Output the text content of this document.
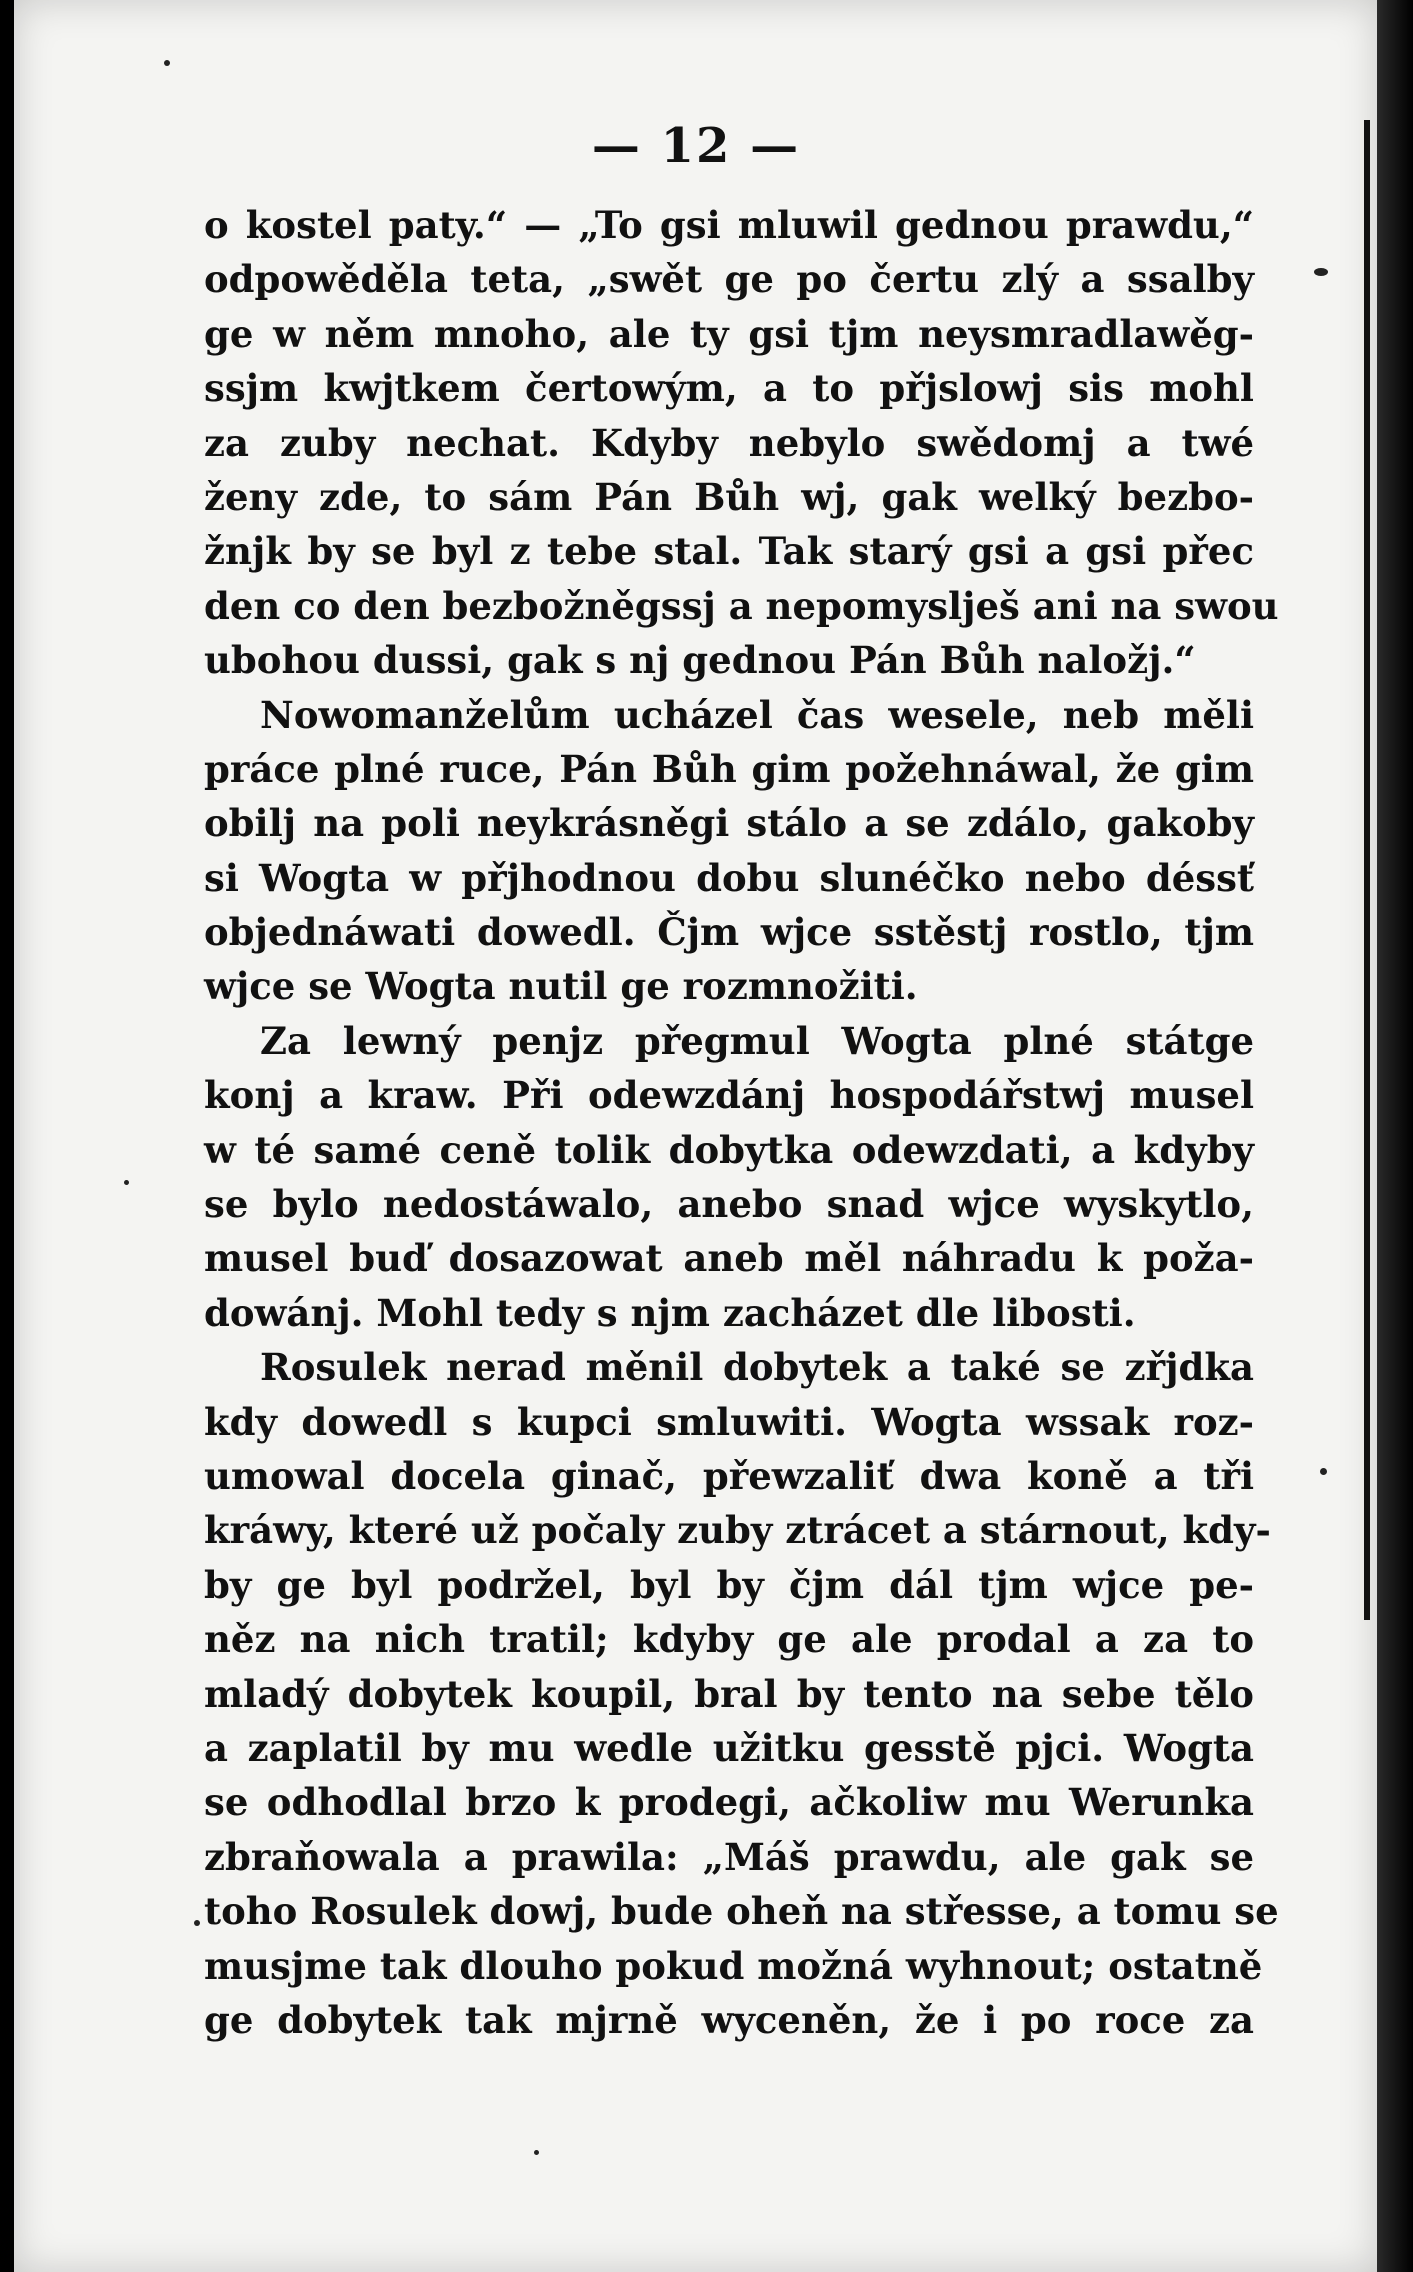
— 12 —
o kostel paty.“ — „To gsi mluwil gednou prawdu,“
odpowěděla teta, „swět ge po čertu zlý a ssalby
ge w něm mnoho, ale ty gsi tjm neysmradlawěg-
ssjm kwjtkem čertowým, a to přjslowj sis mohl
za zuby nechat. Kdyby nebylo swědomj a twé
ženy zde, to sám Pán Bůh wj, gak welký bezbo-
žnjk by se byl z tebe stal. Tak starý gsi a gsi přec
den co den bezbožněgssj a nepomyslješ ani na swou
ubohou dussi, gak s nj gednou Pán Bůh naložj.“
Nowomanželům ucházel čas wesele, neb měli
práce plné ruce, Pán Bůh gim požehnáwal, že gim
obilj na poli neykrásněgi stálo a se zdálo, gakoby
si Wogta w přjhodnou dobu slunéčko nebo déssť
objednáwati dowedl. Čjm wjce sstěstj rostlo, tjm
wjce se Wogta nutil ge rozmnožiti.
Za lewný penjz přegmul Wogta plné státge
konj a kraw. Při odewzdánj hospodářstwj musel
w té samé ceně tolik dobytka odewzdati, a kdyby
se bylo nedostáwalo, anebo snad wjce wyskytlo,
musel buď dosazowat aneb měl náhradu k poža-
dowánj. Mohl tedy s njm zacházet dle libosti.
Rosulek nerad měnil dobytek a také se zřjdka
kdy dowedl s kupci smluwiti. Wogta wssak roz-
umowal docela ginač, přewzaliť dwa koně a tři
kráwy, které už počaly zuby ztrácet a stárnout, kdy-
by ge byl podržel, byl by čjm dál tjm wjce pe-
něz na nich tratil; kdyby ge ale prodal a za to
mladý dobytek koupil, bral by tento na sebe tělo
a zaplatil by mu wedle užitku gesstě pjci. Wogta
se odhodlal brzo k prodegi, ačkoliw mu Werunka
zbraňowala a prawila: „Máš prawdu, ale gak se
toho Rosulek dowj, bude oheň na střesse, a tomu se
musjme tak dlouho pokud možná wyhnout; ostatně
ge dobytek tak mjrně wyceněn, že i po roce za
